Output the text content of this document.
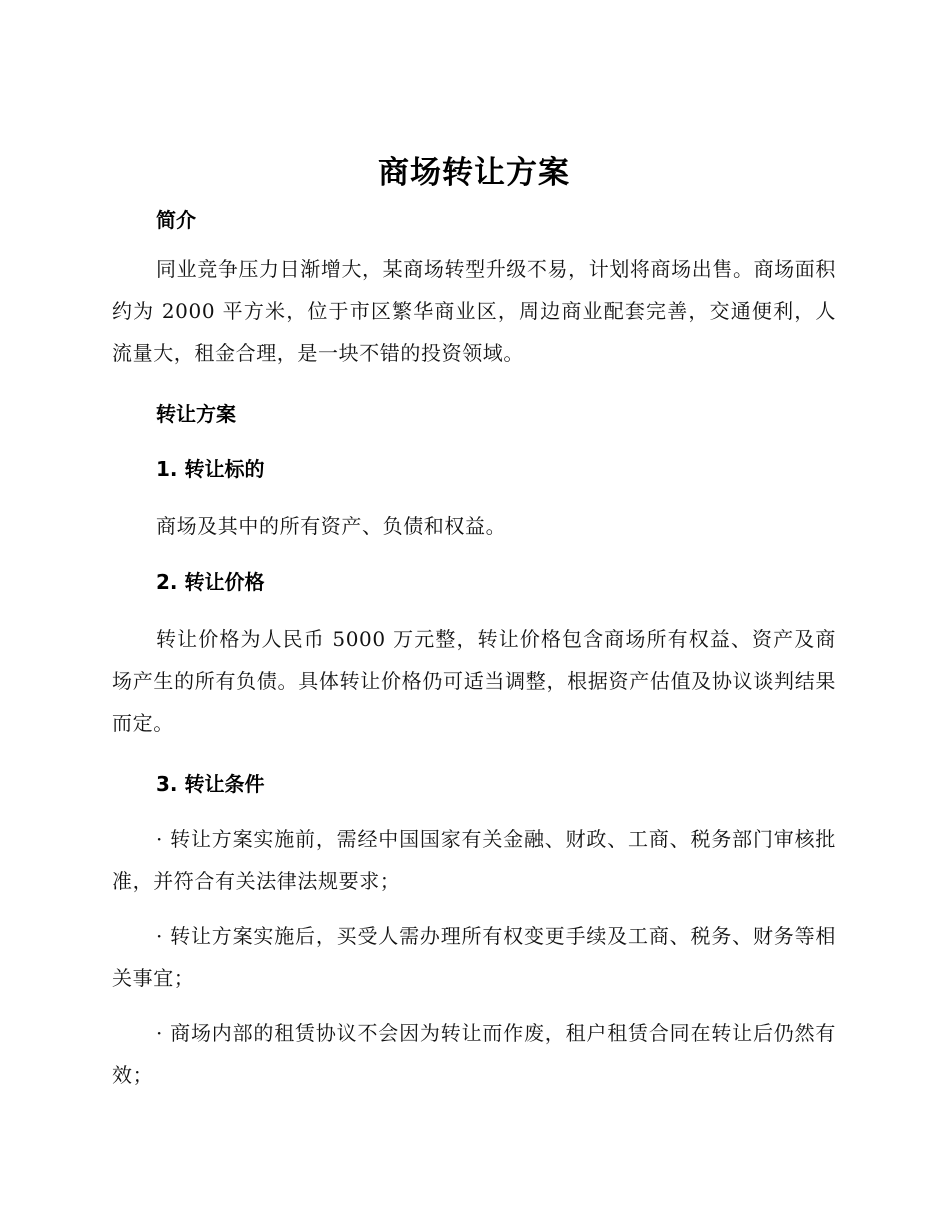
商场转让方案
简介

同业竞争压力日渐增大，某商场转型升级不易，计划将商场出售。商场面积约为 2000 平方米，位于市区繁华商业区，周边商业配套完善，交通便利，人流量大，租金合理，是一块不错的投资领域。

转让方案
1. 转让标的

商场及其中的所有资产、负债和权益。

2. 转让价格

转让价格为人民币 5000 万元整，转让价格包含商场所有权益、资产及商场产生的所有负债。具体转让价格仍可适当调整，根据资产估值及协议谈判结果而定。

3. 转让条件

· 转让方案实施前，需经中国国家有关金融、财政、工商、税务部门审核批准，并符合有关法律法规要求；

· 转让方案实施后，买受人需办理所有权变更手续及工商、税务、财务等相关事宜；

· 商场内部的租赁协议不会因为转让而作废，租户租赁合同在转让后仍然有效；
